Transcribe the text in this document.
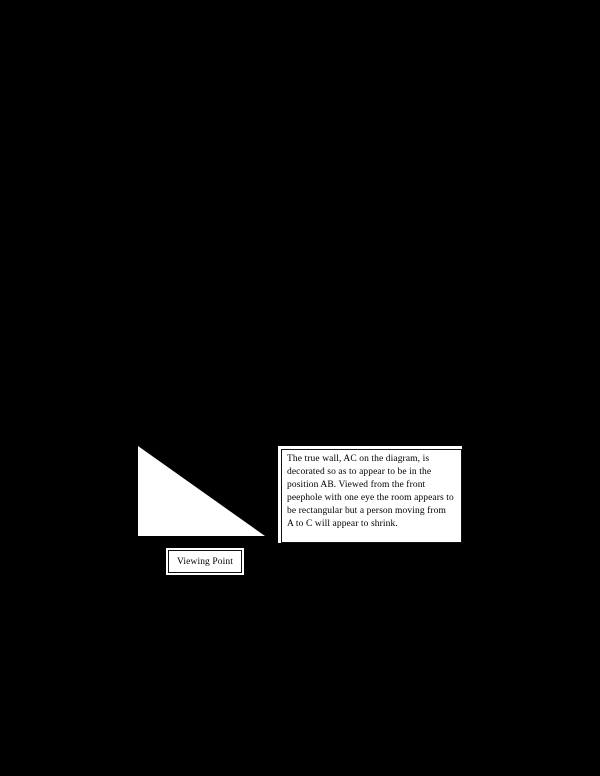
The true wall, AC on the diagram, is
decorated so as to appear to be in the
position AB. Viewed from the front
peephole with one eye the room appears to
be rectangular but a person moving from
A to C will appear to shrink.
Viewing Point
